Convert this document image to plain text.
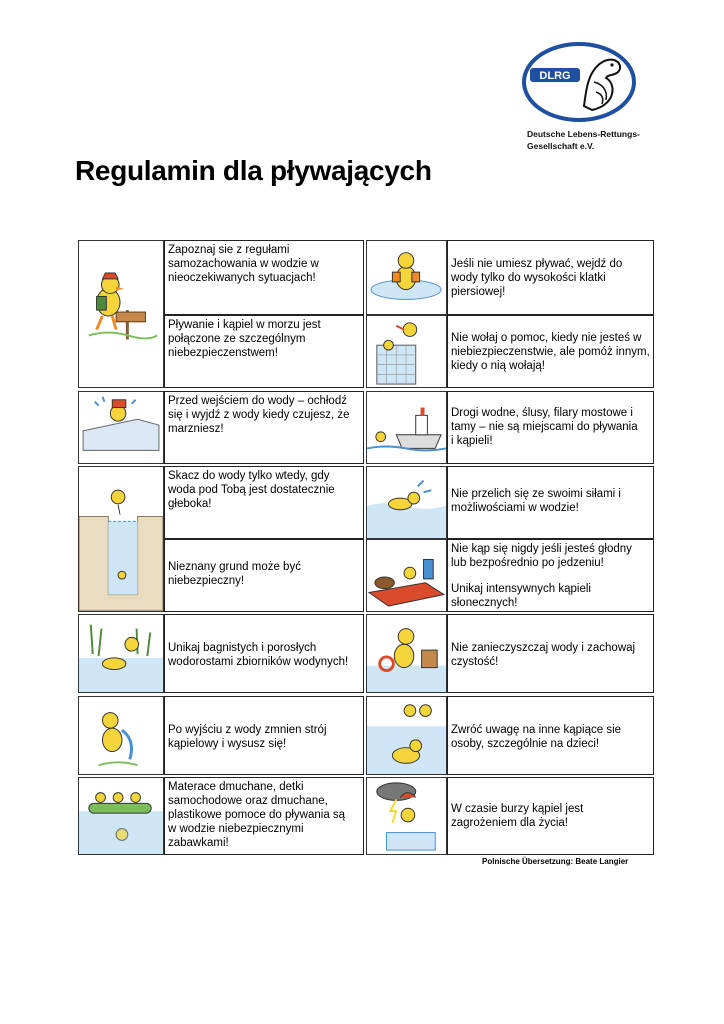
DLRG
Deutsche Lebens-Rettungs-
Gesellschaft e.V.
Regulamin dla pływających
Zapoznaj sie z regułami
samozachowania w wodzie w
nieoczekiwanych sytuacjach!
Pływanie i kąpiel w morzu jest
połączone ze szczególnym
niebezpieczenstwem!
Przed wejściem do wody – ochłodź
się i wyjdź z wody kiedy czujesz, że
marzniesz!
Skacz do wody tylko wtedy, gdy
woda pod Tobą jest dostatecznie
głeboka!
Nieznany grund może być
niebezpieczny!
Unikaj bagnistych i porosłych
wodorostami zbiorników wodynych!
Po wyjściu z wody zmnien strój
kąpielowy i wysusz się!
Materace dmuchane, detki
samochodowe oraz dmuchane,
plastikowe pomoce do pływania są
w wodzie niebezpiecznymi
zabawkami!
Jeśli nie umiesz pływać, wejdź do
wody tylko do wysokości klatki
piersiowej!
Nie wołaj o pomoc, kiedy nie jesteś w
niebiezpieczenstwie, ale pomóż innym,
kiedy o nią wołają!
Drogi wodne, ślusy, filary mostowe i
tamy – nie są miejscami do pływania
i kąpieli!
Nie przelich się ze swoimi siłami i
możliwościami w wodzie!
Nie kąp się nigdy jeśli jesteś głodny
lub bezpośrednio po jedzeniu!
Unikaj intensywnych kąpieli
słonecznych!
Nie zanieczyszczaj wody i zachowaj
czystość!
Zwróć uwagę na inne kąpiące sie
osoby, szczególnie na dzieci!
W czasie burzy kąpiel jest
zagrożeniem dla życia!
Polnische Übersetzung: Beate Langier
